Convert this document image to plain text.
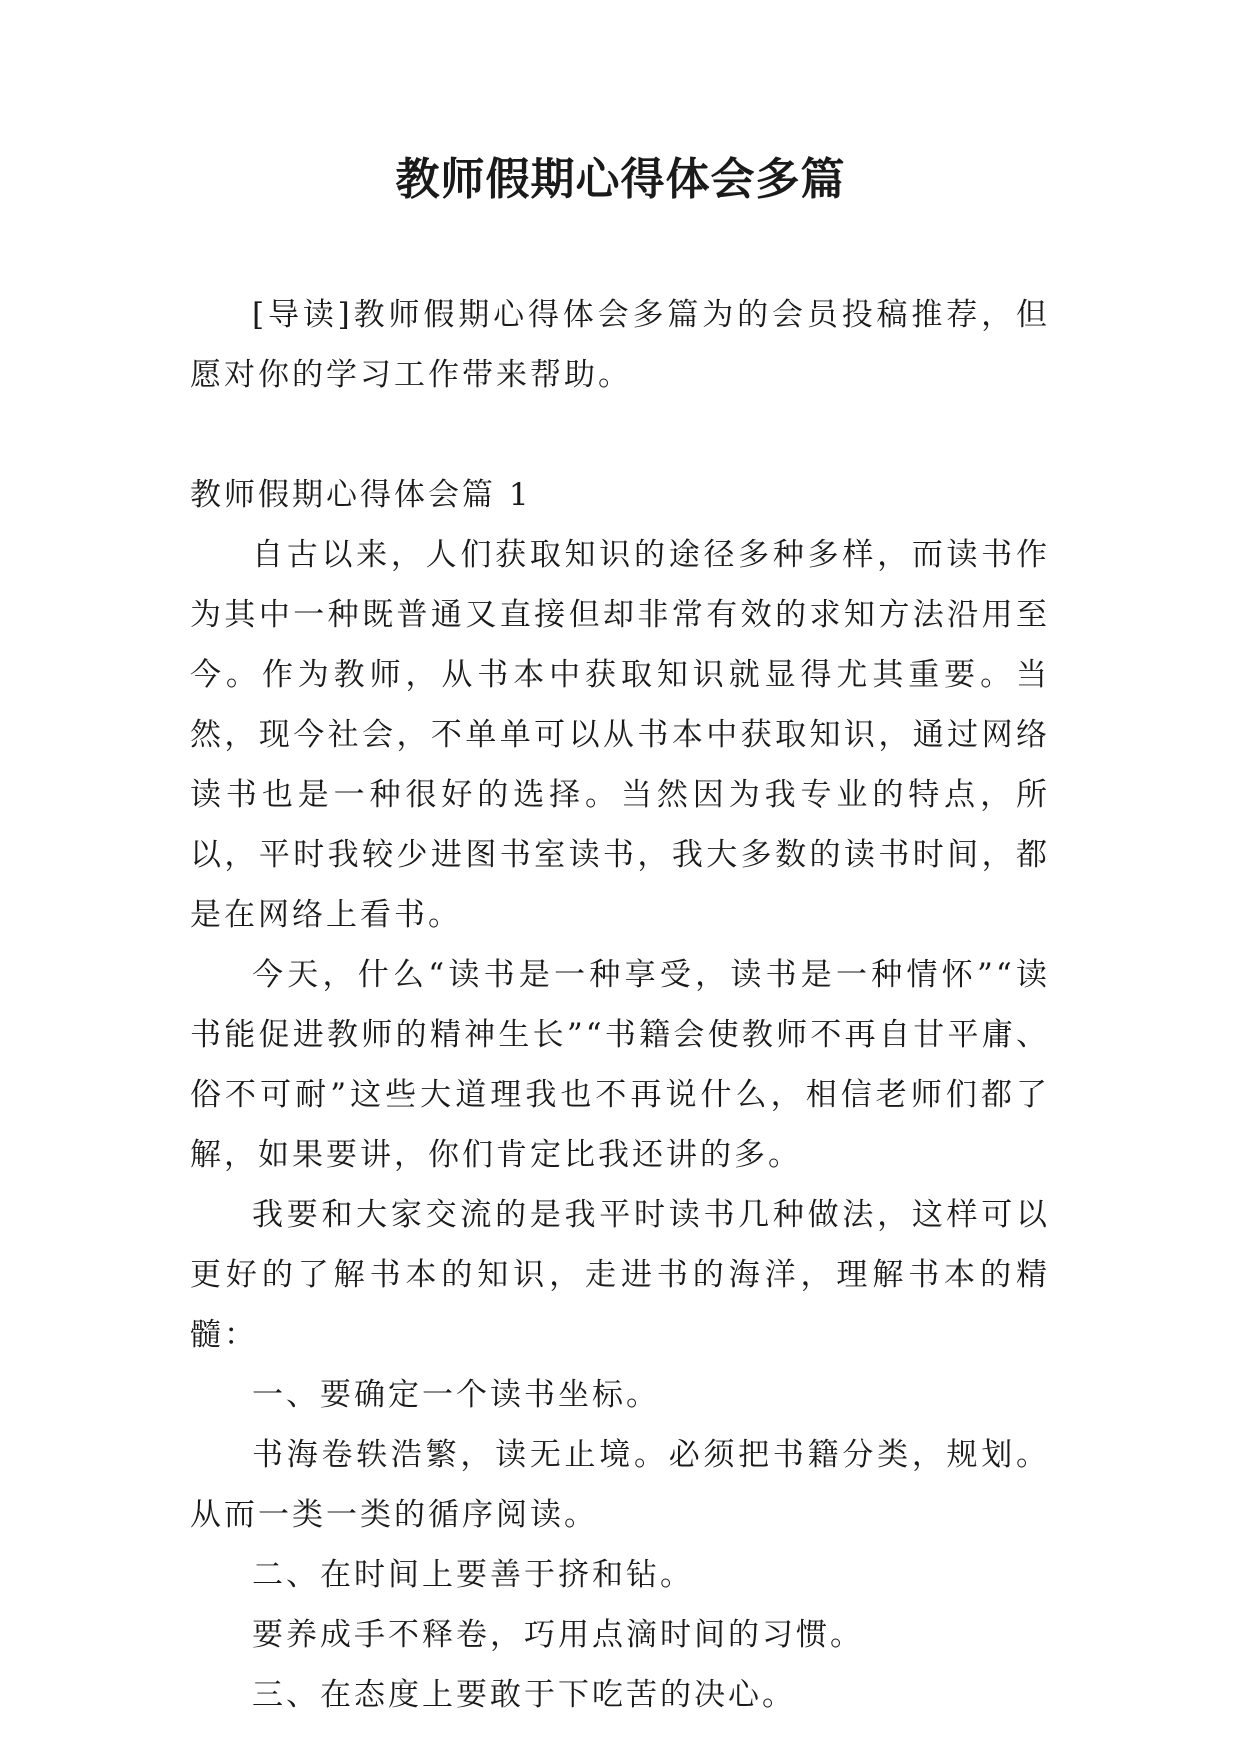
教师假期心得体会多篇

[导读]教师假期心得体会多篇为的会员投稿推荐，但愿对你的学习工作带来帮助。

教师假期心得体会篇 1

自古以来，人们获取知识的途径多种多样，而读书作为其中一种既普通又直接但却非常有效的求知方法沿用至今。作为教师，从书本中获取知识就显得尤其重要。当然，现今社会，不单单可以从书本中获取知识，通过网络读书也是一种很好的选择。当然因为我专业的特点，所以，平时我较少进图书室读书，我大多数的读书时间，都是在网络上看书。

今天，什么“读书是一种享受，读书是一种情怀”“读书能促进教师的精神生长”“书籍会使教师不再自甘平庸、俗不可耐”这些大道理我也不再说什么，相信老师们都了解，如果要讲，你们肯定比我还讲的多。

我要和大家交流的是我平时读书几种做法，这样可以更好的了解书本的知识，走进书的海洋，理解书本的精髓：

一、要确定一个读书坐标。

书海卷轶浩繁，读无止境。必须把书籍分类，规划。从而一类一类的循序阅读。

二、在时间上要善于挤和钻。

要养成手不释卷，巧用点滴时间的习惯。

三、在态度上要敢于下吃苦的决心。
